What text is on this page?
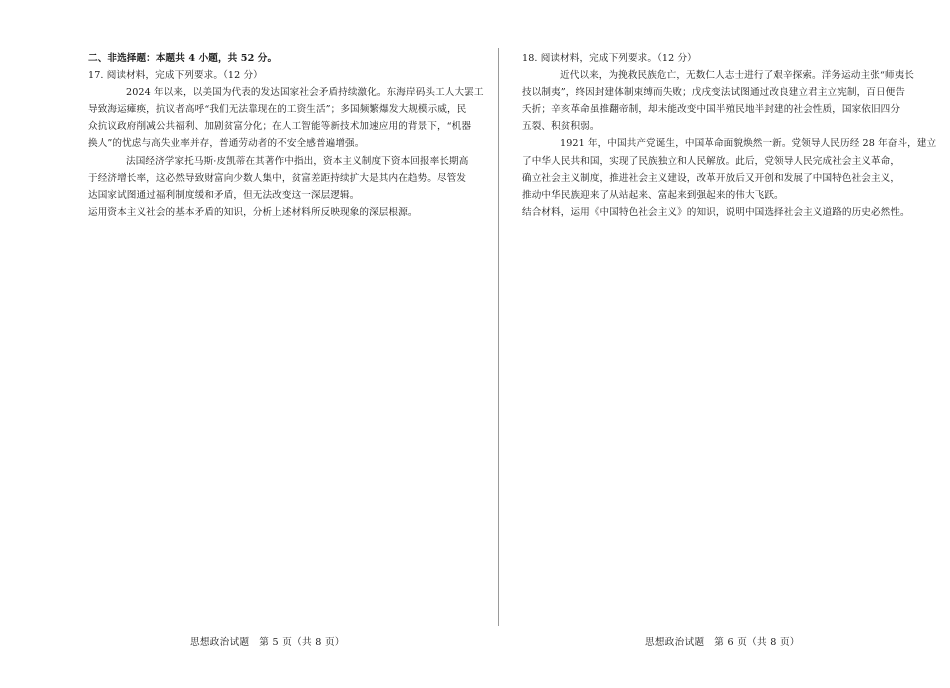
二、非选择题：本题共 4 小题，共 52 分。
17. 阅读材料，完成下列要求。（12 分）
2024 年以来，以美国为代表的发达国家社会矛盾持续激化。东海岸码头工人大罢工
导致海运瘫痪，抗议者高呼“我们无法靠现在的工资生活”；多国频繁爆发大规模示威，民
众抗议政府削减公共福利、加剧贫富分化；在人工智能等新技术加速应用的背景下，“机器
换人”的忧虑与高失业率并存，普通劳动者的不安全感普遍增强。
法国经济学家托马斯·皮凯蒂在其著作中指出，资本主义制度下资本回报率长期高
于经济增长率，这必然导致财富向少数人集中，贫富差距持续扩大是其内在趋势。尽管发
达国家试图通过福利制度缓和矛盾，但无法改变这一深层逻辑。
运用资本主义社会的基本矛盾的知识，分析上述材料所反映现象的深层根源。
思想政治试题　第 5 页（共 8 页）
18. 阅读材料，完成下列要求。（12 分）
近代以来，为挽救民族危亡，无数仁人志士进行了艰辛探索。洋务运动主张“师夷长
技以制夷”，终因封建体制束缚而失败；戊戌变法试图通过改良建立君主立宪制，百日便告
夭折；辛亥革命虽推翻帝制，却未能改变中国半殖民地半封建的社会性质，国家依旧四分
五裂、积贫积弱。
1921 年，中国共产党诞生，中国革命面貌焕然一新。党领导人民历经 28 年奋斗，建立
了中华人民共和国，实现了民族独立和人民解放。此后，党领导人民完成社会主义革命，
确立社会主义制度，推进社会主义建设，改革开放后又开创和发展了中国特色社会主义，
推动中华民族迎来了从站起来、富起来到强起来的伟大飞跃。
结合材料，运用《中国特色社会主义》的知识，说明中国选择社会主义道路的历史必然性。
思想政治试题　第 6 页（共 8 页）
